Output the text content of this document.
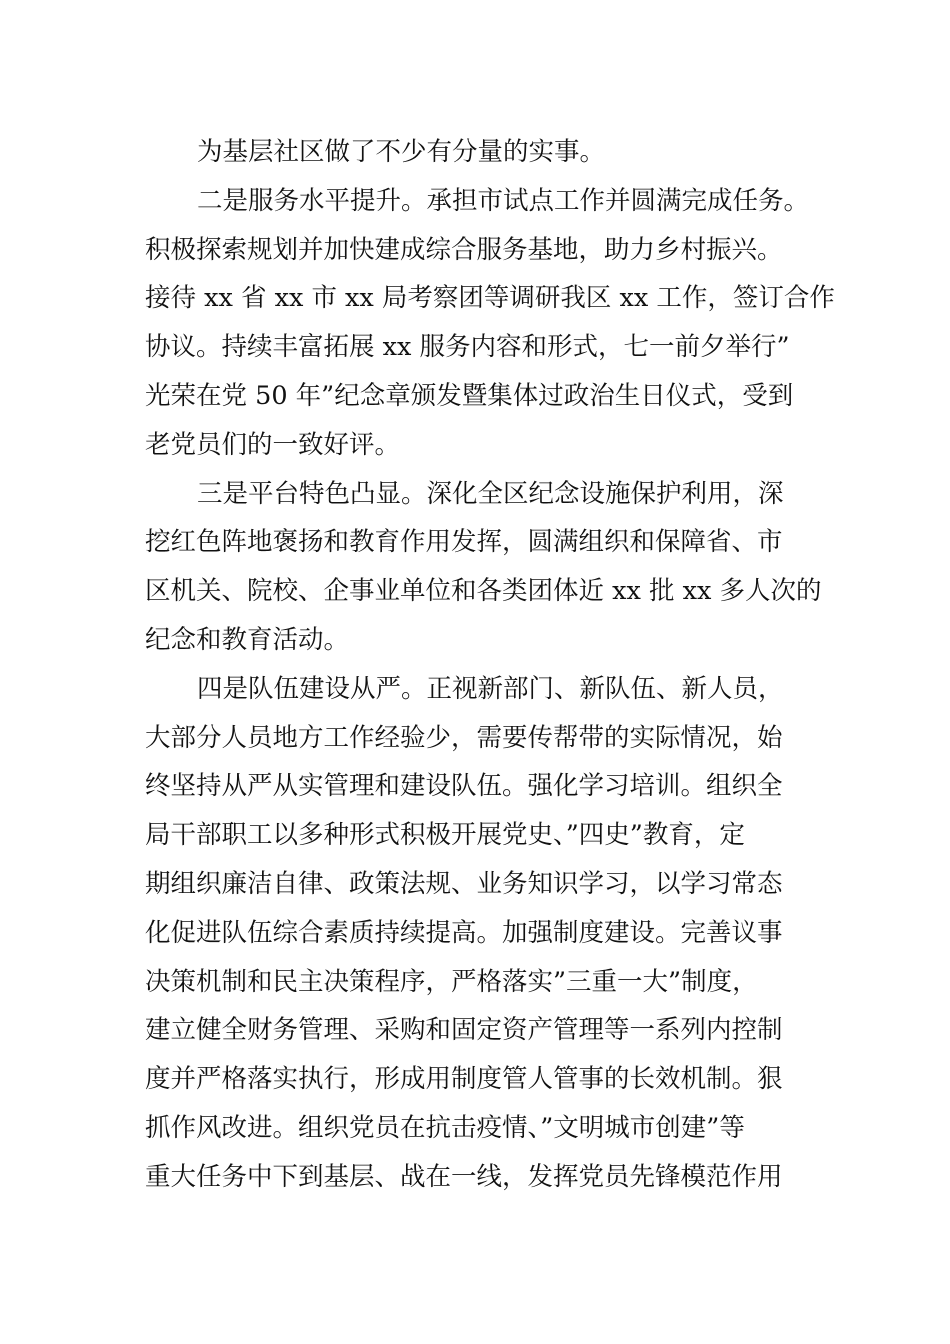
为基层社区做了不少有分量的实事。
二是服务水平提升。承担市试点工作并圆满完成任务。
积极探索规划并加快建成综合服务基地，助力乡村振兴。
接待 xx 省 xx 市 xx 局考察团等调研我区 xx 工作，签订合作
协议。持续丰富拓展 xx 服务内容和形式，七一前夕举行”
光荣在党 50 年”纪念章颁发暨集体过政治生日仪式，受到
老党员们的一致好评。
三是平台特色凸显。深化全区纪念设施保护利用，深
挖红色阵地褒扬和教育作用发挥，圆满组织和保障省、市
区机关、院校、企事业单位和各类团体近 xx 批 xx 多人次的
纪念和教育活动。
四是队伍建设从严。正视新部门、新队伍、新人员，
大部分人员地方工作经验少，需要传帮带的实际情况，始
终坚持从严从实管理和建设队伍。强化学习培训。组织全
局干部职工以多种形式积极开展党史、”四史”教育，定
期组织廉洁自律、政策法规、业务知识学习，以学习常态
化促进队伍综合素质持续提高。加强制度建设。完善议事
决策机制和民主决策程序，严格落实”三重一大”制度，
建立健全财务管理、采购和固定资产管理等一系列内控制
度并严格落实执行，形成用制度管人管事的长效机制。狠
抓作风改进。组织党员在抗击疫情、”文明城市创建”等
重大任务中下到基层、战在一线，发挥党员先锋模范作用
